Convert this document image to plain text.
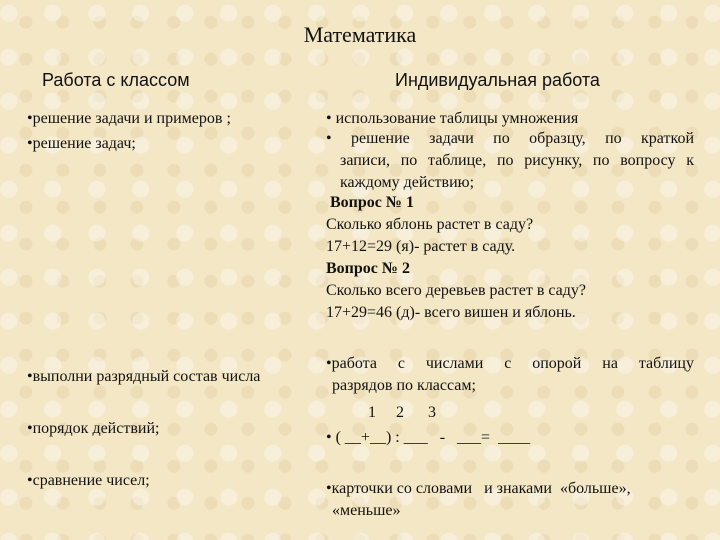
Математика
Работа с классом	Индивидуальная работа
•решение задачи и примеров ;
•решение задач;
•выполни разрядный состав числа
•порядок действий;
•сравнение чисел;
• использование таблицы умножения
• решение задачи по образцу, по краткой
записи, по таблице, по рисунку, по вопросу к
каждому действию;
Вопрос № 1
Сколько яблонь растет в саду?
17+12=29 (я)- растет в саду.
Вопрос № 2
Сколько всего деревьев растет в саду?
17+29=46 (д)- всего вишен и яблонь.
•работа с числами с опорой на таблицу
разрядов по классам;
1     2      3
• ( __+__) : ___   -   ___=  ____
•карточки со словами   и знаками  «больше»,
«меньше»
